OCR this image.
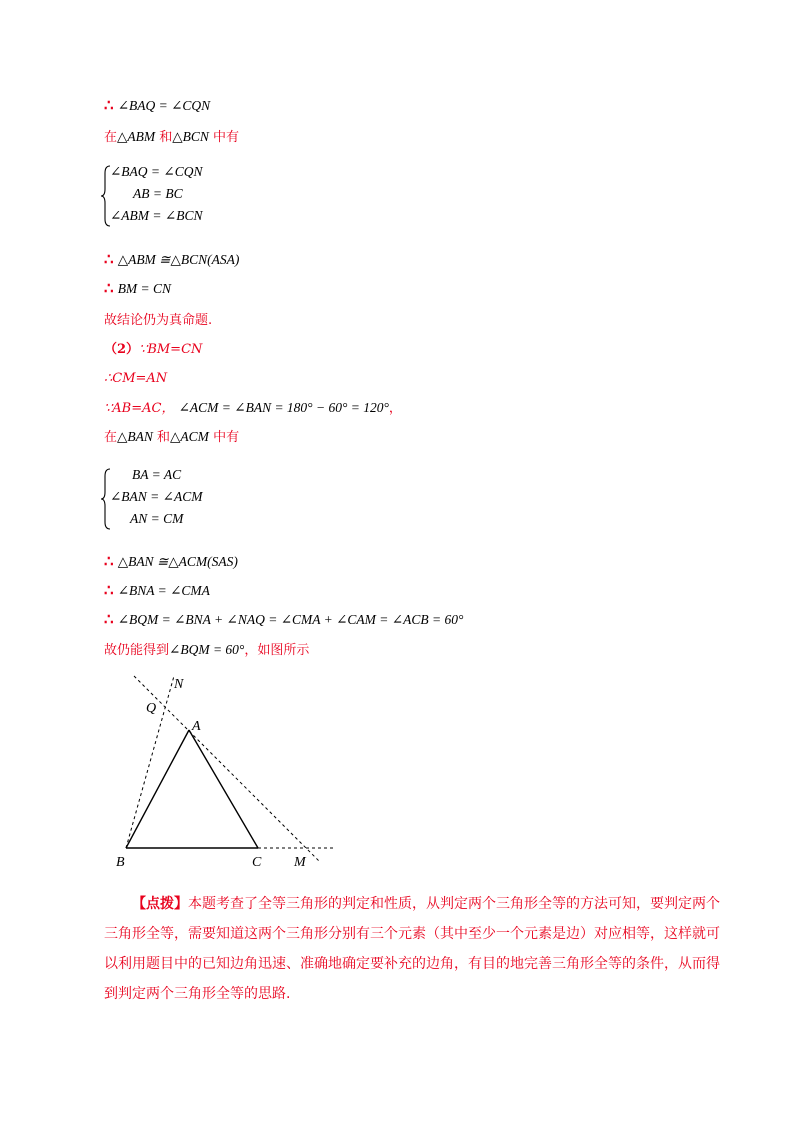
∴ ∠BAQ = ∠CQN
在△ABM 和△BCN 中有
∠BAQ = ∠CQN
AB = BC
∠ABM = ∠BCN
∴ △ABM ≅△BCN(ASA)
∴ BM = CN
故结论仍为真命题.
（2）∵BM=CN
∴CM=AN
∵AB=AC， ∠ACM = ∠BAN = 180° − 60° = 120°，
在△BAN 和△ACM 中有
BA = AC
∠BAN = ∠ACM
AN = CM
∴ △BAN ≅△ACM(SAS)
∴ ∠BNA = ∠CMA
∴ ∠BQM = ∠BNA + ∠NAQ = ∠CMA + ∠CAM = ∠ACB = 60°
故仍能得到∠BQM = 60°，如图所示
N
Q
A
B	C M
【点拨】本题考查了全等三角形的判定和性质，从判定两个三角形全等的方法可知，要判定两个三角形全等，需要知道这两个三角形分别有三个元素（其中至少一个元素是边）对应相等，这样就可以利用题目中的已知边角迅速、准确地确定要补充的边角，有目的地完善三角形全等的条件，从而得到判定两个三角形全等的思路.
